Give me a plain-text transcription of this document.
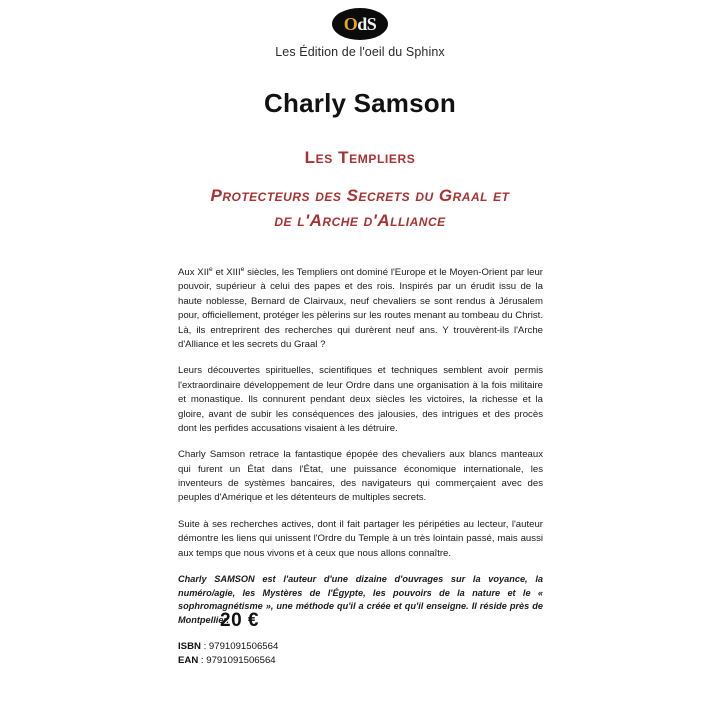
O dS
Les Édition de l'oeil du Sphinx
Charly Samson
Les Templiers
Protecteurs des Secrets du Graal et
de l'Arche d'Alliance

Aux XIIe et XIIIe siècles, les Templiers ont dominé l'Europe et le Moyen-Orient par leur pouvoir, supérieur à celui des papes et des rois. Inspirés par un érudit issu de la haute noblesse, Bernard de Clairvaux, neuf chevaliers se sont rendus à Jérusalem pour, officiellement, protéger les pèlerins sur les routes menant au tombeau du Christ. Là, ils entreprirent des recherches qui durèrent neuf ans. Y trouvèrent-ils l'Arche d'Alliance et les secrets du Graal ?

Leurs découvertes spirituelles, scientifiques et techniques semblent avoir permis l'extraordinaire développement de leur Ordre dans une organisation à la fois militaire et monastique. Ils connurent pendant deux siècles les victoires, la richesse et la gloire, avant de subir les conséquences des jalousies, des intrigues et des procès dont les perfides accusations visaient à les détruire.

Charly Samson retrace la fantastique épopée des chevaliers aux blancs manteaux qui furent un État dans l'État, une puissance économique internationale, les inventeurs de systèmes bancaires, des navigateurs qui commerçaient avec des peuples d'Amérique et les détenteurs de multiples secrets.

Suite à ses recherches actives, dont il fait partager les péripéties au lecteur, l'auteur démontre les liens qui unissent l'Ordre du Temple à un très lointain passé, mais aussi aux temps que nous vivons et à ceux que nous allons connaître.

Charly SAMSON est l'auteur d'une dizaine d'ouvrages sur la voyance, la numéro/agie, les Mystères de l'Égypte, les pouvoirs de la nature et le « sophromagnétisme », une méthode qu'il a créée et qu'il enseigne. Il réside près de Montpellier.

ISBN : 9791091506564

EAN : 9791091506564

20 €
